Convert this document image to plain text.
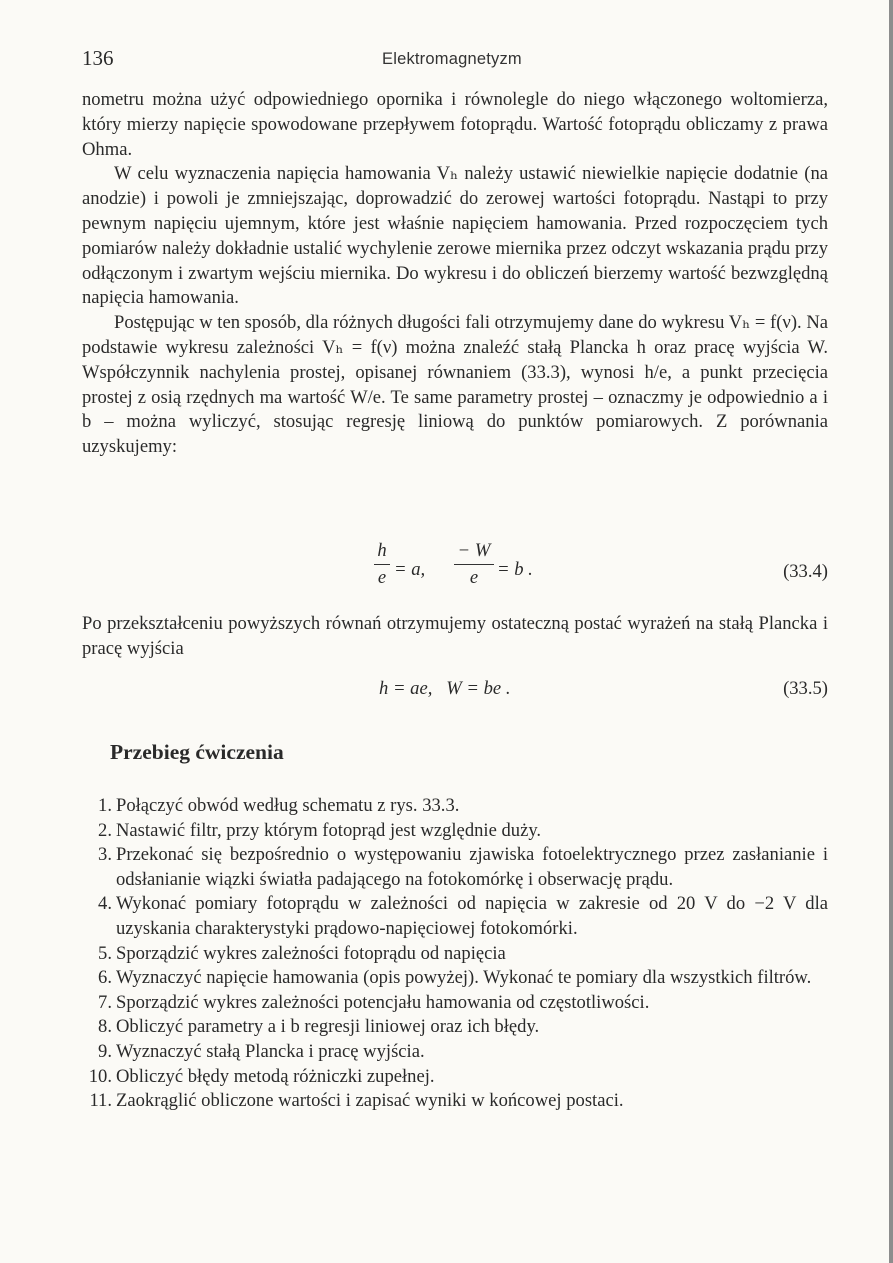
136	Elektromagnetyzm

nometru można użyć odpowiedniego opornika i równolegle do niego włączonego woltomierza, który mierzy napięcie spowodowane przepływem fotoprądu. Wartość fotoprądu obliczamy z prawa Ohma.

W celu wyznaczenia napięcia hamowania Vₕ należy ustawić niewielkie napięcie dodatnie (na anodzie) i powoli je zmniejszając, doprowadzić do zerowej wartości fotoprądu. Nastąpi to przy pewnym napięciu ujemnym, które jest właśnie napięciem hamowania. Przed rozpoczęciem tych pomiarów należy dokładnie ustalić wychylenie zerowe miernika przez odczyt wskazania prądu przy odłączonym i zwartym wejściu miernika. Do wykresu i do obliczeń bierzemy wartość bezwzględną napięcia hamowania.

Postępując w ten sposób, dla różnych długości fali otrzymujemy dane do wykresu Vₕ = f(ν). Na podstawie wykresu zależności Vₕ = f(ν) można znaleźć stałą Plancka h oraz pracę wyjścia W. Współczynnik nachylenia prostej, opisanej równaniem (33.3), wynosi h/e, a punkt przecięcia prostej z osią rzędnych ma wartość W/e. Te same parametry prostej – oznaczmy je odpowiednio a i b – można wyliczyć, stosując regresję liniową do punktów pomiarowych. Z porównania uzyskujemy:

h
e = a,
− W
e	= b .	(33.4)

Po przekształceniu powyższych równań otrzymujemy ostateczną postać wyrażeń na stałą Plancka i pracę wyjścia

h = ae,   W = be .	(33.5)
Przebieg ćwiczenia
1. Połączyć obwód według schematu z rys. 33.3.
2. Nastawić filtr, przy którym fotoprąd jest względnie duży.
3. Przekonać się bezpośrednio o występowaniu zjawiska fotoelektrycznego przez zasłanianie i odsłanianie wiązki światła padającego na fotokomórkę i obserwację prądu.
4. Wykonać pomiary fotoprądu w zależności od napięcia w zakresie od 20 V do −2 V dla uzyskania charakterystyki prądowo-napięciowej fotokomórki.
5. Sporządzić wykres zależności fotoprądu od napięcia
6. Wyznaczyć napięcie hamowania (opis powyżej). Wykonać te pomiary dla wszystkich filtrów.
7. Sporządzić wykres zależności potencjału hamowania od częstotliwości.
8. Obliczyć parametry a i b regresji liniowej oraz ich błędy.
9. Wyznaczyć stałą Plancka i pracę wyjścia.
10. Obliczyć błędy metodą różniczki zupełnej.
11. Zaokrąglić obliczone wartości i zapisać wyniki w końcowej postaci.
